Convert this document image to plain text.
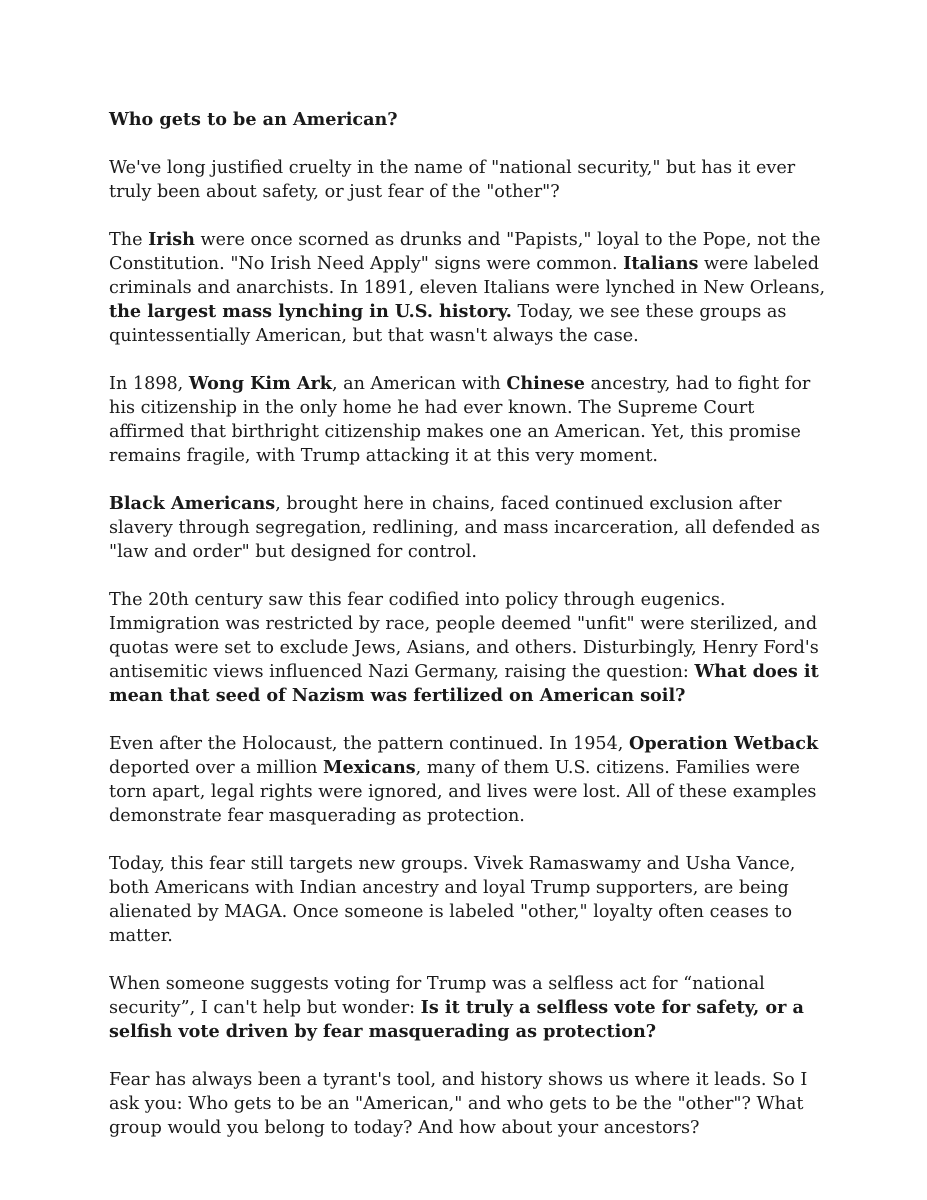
Who gets to be an American?

We've long justified cruelty in the name of "national security," but has it ever truly been about safety, or just fear of the "other"?

The Irish were once scorned as drunks and "Papists," loyal to the Pope, not the Constitution. "No Irish Need Apply" signs were common. Italians were labeled criminals and anarchists. In 1891, eleven Italians were lynched in New Orleans, the largest mass lynching in U.S. history. Today, we see these groups as quintessentially American, but that wasn't always the case.

In 1898, Wong Kim Ark, an American with Chinese ancestry, had to fight for his citizenship in the only home he had ever known. The Supreme Court affirmed that birthright citizenship makes one an American. Yet, this promise remains fragile, with Trump attacking it at this very moment.

Black Americans, brought here in chains, faced continued exclusion after slavery through segregation, redlining, and mass incarceration, all defended as "law and order" but designed for control.

The 20th century saw this fear codified into policy through eugenics. Immigration was restricted by race, people deemed "unfit" were sterilized, and quotas were set to exclude Jews, Asians, and others. Disturbingly, Henry Ford's antisemitic views influenced Nazi Germany, raising the question: What does it mean that seed of Nazism was fertilized on American soil?

Even after the Holocaust, the pattern continued. In 1954, Operation Wetback deported over a million Mexicans, many of them U.S. citizens. Families were torn apart, legal rights were ignored, and lives were lost. All of these examples demonstrate fear masquerading as protection.

Today, this fear still targets new groups. Vivek Ramaswamy and Usha Vance, both Americans with Indian ancestry and loyal Trump supporters, are being alienated by MAGA. Once someone is labeled "other," loyalty often ceases to matter.

When someone suggests voting for Trump was a selfless act for “national security”, I can't help but wonder: Is it truly a selfless vote for safety, or a selfish vote driven by fear masquerading as protection?

Fear has always been a tyrant's tool, and history shows us where it leads. So I ask you: Who gets to be an "American," and who gets to be the "other"? What group would you belong to today? And how about your ancestors?
